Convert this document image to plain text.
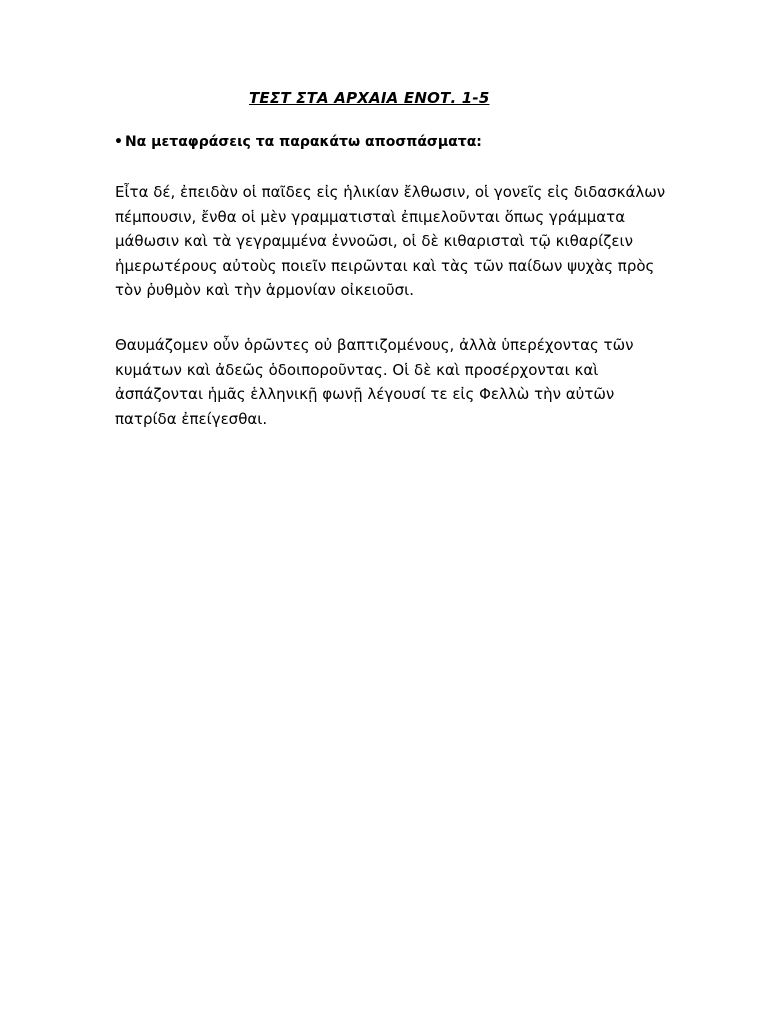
ΤΕΣΤ ΣΤΑ ΑΡΧΑΙΑ ΕΝΟΤ. 1-5
• Να μεταφράσεις τα παρακάτω αποσπάσματα:
Εἶτα δέ, ἐπειδὰν οἱ παῖδες εἰς ἡλικίαν ἔλθωσιν, οἱ γονεῖς εἰς διδασκάλων
πέμπουσιν, ἔνθα οἱ μὲν γραμματισταὶ ἐπιμελοῦνται ὅπως γράμματα
μάθωσιν καὶ τὰ γεγραμμένα ἐννοῶσι, οἱ δὲ κιθαρισταὶ τῷ κιθαρίζειν
ἡμερωτέρους αὐτοὺς ποιεῖν πειρῶνται καὶ τὰς τῶν παίδων ψυχὰς πρὸς
τὸν ῥυθμὸν καὶ τὴν ἁρμονίαν οἰκειοῦσι.
Θαυμάζομεν οὖν ὁρῶντες οὐ βαπτιζομένους, ἀλλὰ ὑπερέχοντας τῶν
κυμάτων καὶ ἀδεῶς ὁδοιποροῦντας. Οἱ δὲ καὶ προσέρχονται καὶ
ἀσπάζονται ἡμᾶς ἑλληνικῇ φωνῇ λέγουσί τε εἰς Φελλὼ τὴν αὐτῶν
πατρίδα ἐπείγεσθαι.
